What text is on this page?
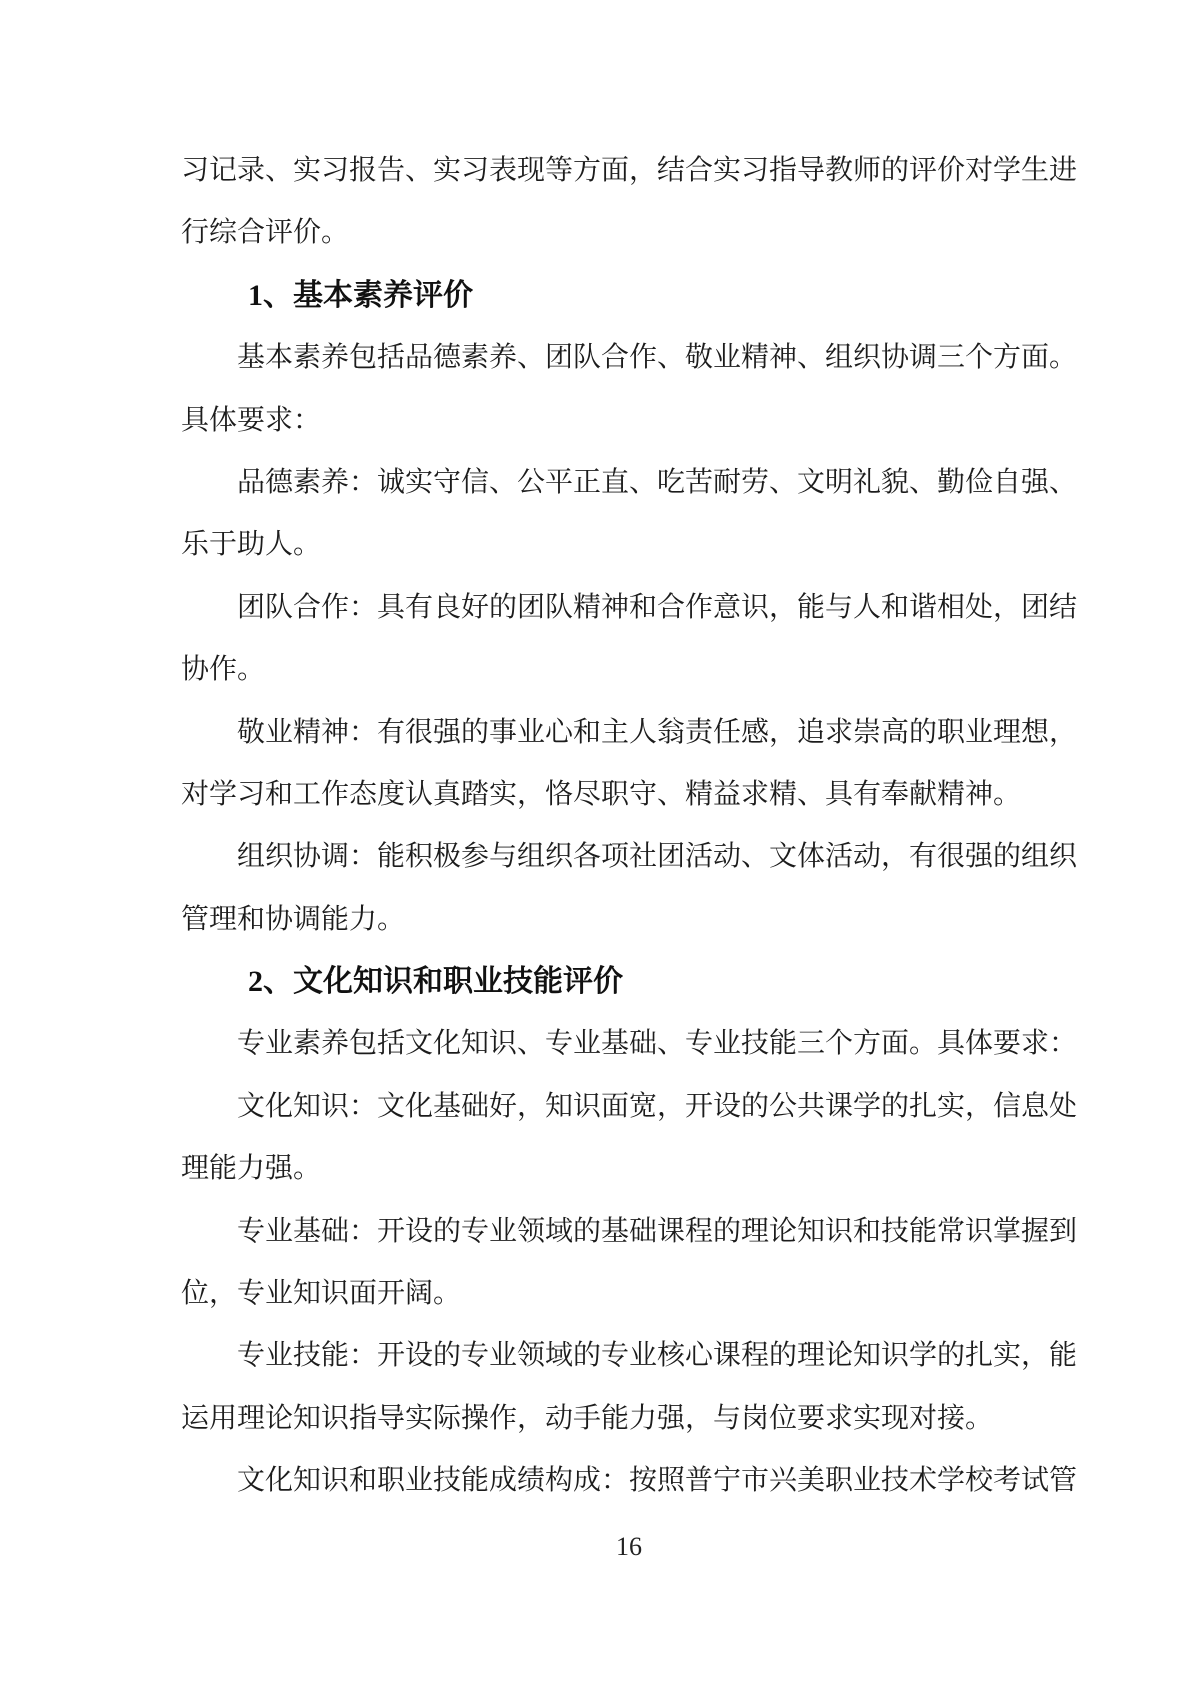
习记录、实习报告、实习表现等方面，结合实习指导教师的评价对学生进
行综合评价。
1、基本素养评价
基本素养包括品德素养、团队合作、敬业精神、组织协调三个方面。
具体要求：
品德素养：诚实守信、公平正直、吃苦耐劳、文明礼貌、勤俭自强、
乐于助人。
团队合作：具有良好的团队精神和合作意识，能与人和谐相处，团结
协作。
敬业精神：有很强的事业心和主人翁责任感，追求崇高的职业理想，
对学习和工作态度认真踏实，恪尽职守、精益求精、具有奉献精神。
组织协调：能积极参与组织各项社团活动、文体活动，有很强的组织
管理和协调能力。
2、文化知识和职业技能评价
专业素养包括文化知识、专业基础、专业技能三个方面。具体要求：
文化知识：文化基础好，知识面宽，开设的公共课学的扎实，信息处
理能力强。
专业基础：开设的专业领域的基础课程的理论知识和技能常识掌握到
位，专业知识面开阔。
专业技能：开设的专业领域的专业核心课程的理论知识学的扎实，能
运用理论知识指导实际操作，动手能力强，与岗位要求实现对接。
文化知识和职业技能成绩构成：按照普宁市兴美职业技术学校考试管
16
